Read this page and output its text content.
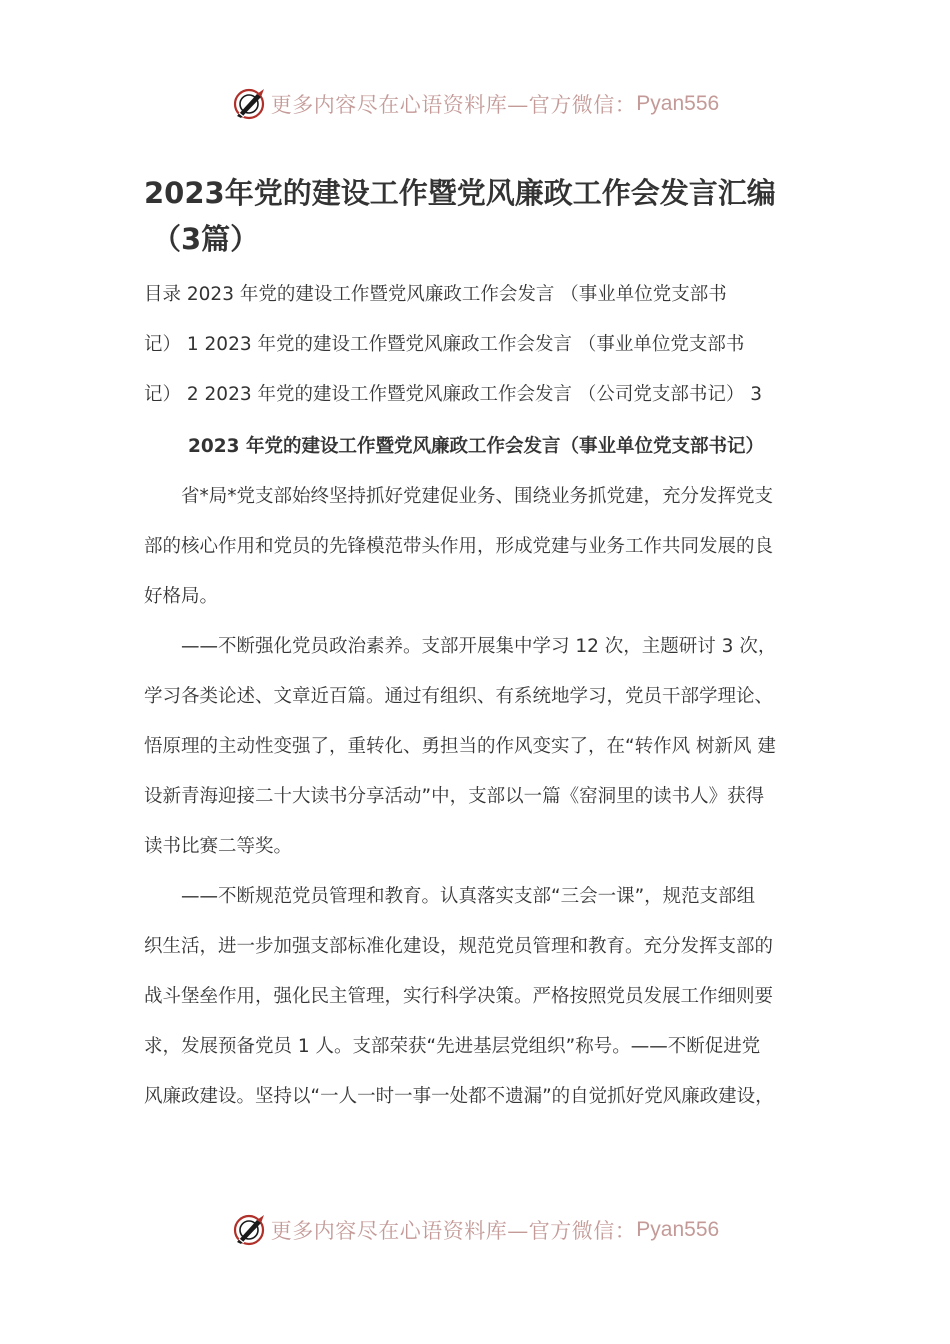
更多内容尽在心语资料库—官方微信： Pyan556
2023年党的建设工作暨党风廉政工作会发言汇编
（3篇）
目录 2023 年党的建设工作暨党风廉政工作会发言 （事业单位党支部书
记） 1 2023 年党的建设工作暨党风廉政工作会发言 （事业单位党支部书
记） 2 2023 年党的建设工作暨党风廉政工作会发言 （公司党支部书记） 3
2023 年党的建设工作暨党风廉政工作会发言（事业单位党支部书记）

省*局*党支部始终坚持抓好党建促业务、围绕业务抓党建，充分发挥党支
部的核心作用和党员的先锋模范带头作用，形成党建与业务工作共同发展的良
好格局。

——不断强化党员政治素养。支部开展集中学习 12 次，主题研讨 3 次，
学习各类论述、文章近百篇。通过有组织、有系统地学习，党员干部学理论、
悟原理的主动性变强了，重转化、勇担当的作风变实了，在“转作风 树新风 建
设新青海迎接二十大读书分享活动”中，支部以一篇《窑洞里的读书人》获得
读书比赛二等奖。

——不断规范党员管理和教育。认真落实支部“三会一课”，规范支部组
织生活，进一步加强支部标准化建设，规范党员管理和教育。充分发挥支部的
战斗堡垒作用，强化民主管理，实行科学决策。严格按照党员发展工作细则要
求，发展预备党员 1 人。支部荣获“先进基层党组织”称号。——不断促进党
风廉政建设。坚持以“一人一时一事一处都不遗漏”的自觉抓好党风廉政建设，

更多内容尽在心语资料库—官方微信： Pyan556
